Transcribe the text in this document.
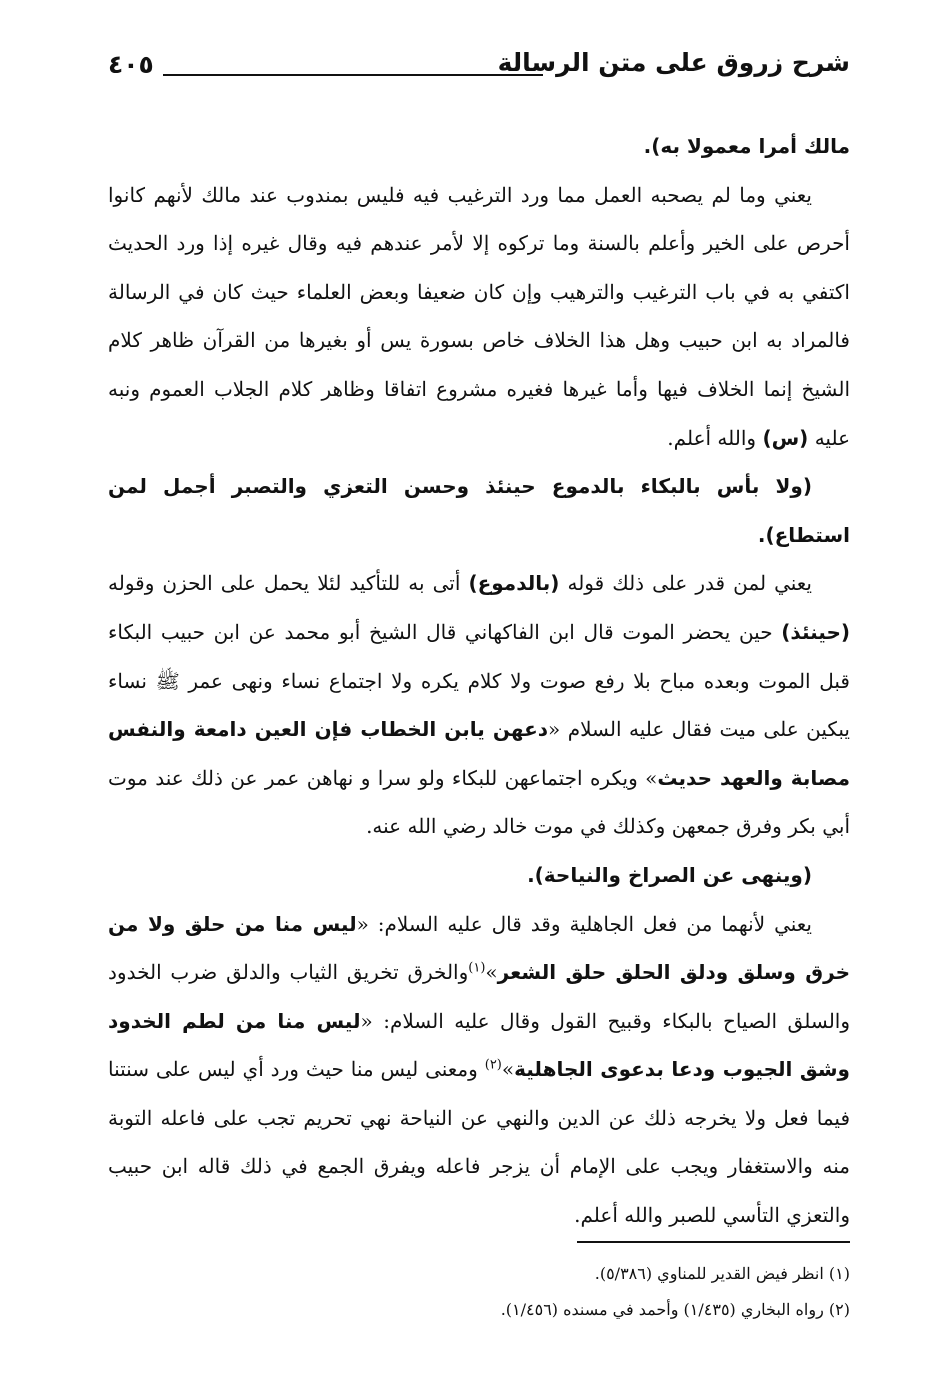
٤٠٥	شرح زروق على متن الرسالة

مالك أمرا معمولا به).

يعني وما لم يصحبه العمل مما ورد الترغيب فيه فليس بمندوب عند مالك لأنهم كانوا أحرص على الخير وأعلم بالسنة وما تركوه إلا لأمر عندهم فيه وقال غيره إذا ورد الحديث اكتفي به في باب الترغيب والترهيب وإن كان ضعيفا وبعض العلماء حيث كان في الرسالة فالمراد به ابن حبيب وهل هذا الخلاف خاص بسورة يس أو بغيرها من القرآن ظاهر كلام الشيخ إنما الخلاف فيها وأما غيرها فغيره مشروع اتفاقا وظاهر كلام الجلاب العموم ونبه عليه (س) والله أعلم.

(ولا بأس بالبكاء بالدموع حينئذ وحسن التعزي والتصبر أجمل لمن استطاع).

يعني لمن قدر على ذلك قوله (بالدموع) أتى به للتأكيد لئلا يحمل على الحزن وقوله (حينئذ) حين يحضر الموت قال ابن الفاكهاني قال الشيخ أبو محمد عن ابن حبيب البكاء قبل الموت وبعده مباح بلا رفع صوت ولا كلام يكره ولا اجتماع نساء ونهى عمر ﷺ نساء يبكين على ميت فقال عليه السلام «دعهن يابن الخطاب فإن العين دامعة والنفس مصابة والعهد حديث» ويكره اجتماعهن للبكاء ولو سرا و نهاهن عمر عن ذلك عند موت أبي بكر وفرق جمعهن وكذلك في موت خالد رضي الله عنه.

(وينهى عن الصراخ والنياحة).

يعني لأنهما من فعل الجاهلية وقد قال عليه السلام: «ليس منا من حلق ولا من خرق وسلق ودلق الحلق حلق الشعر»$^{(١)}$والخرق تخريق الثياب والدلق ضرب الخدود والسلق الصياح بالبكاء وقبيح القول وقال عليه السلام: «ليس منا من لطم الخدود وشق الجيوب ودعا بدعوى الجاهلية»$^{(٢)}$ ومعنى ليس منا حيث ورد أي ليس على سنتنا فيما فعل ولا يخرجه ذلك عن الدين والنهي عن النياحة نهي تحريم تجب على فاعله التوبة منه والاستغفار ويجب على الإمام أن يزجر فاعله ويفرق الجمع في ذلك قاله ابن حبيب والتعزي التأسي للصبر والله أعلم.

(١) انظر فيض القدير للمناوي (٥/٣٨٦).

(٢) رواه البخاري (١/٤٣٥) وأحمد في مسنده (١/٤٥٦).
